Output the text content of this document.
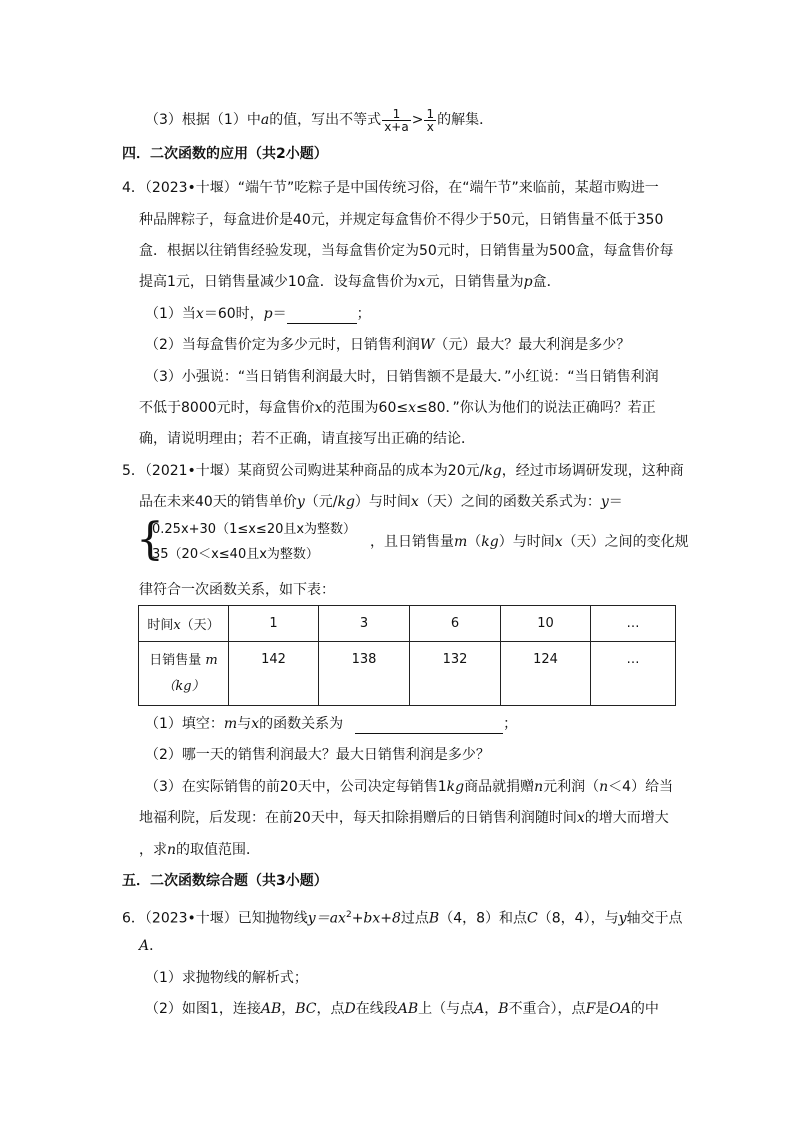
（3）根据（1）中a的值，写出不等式 $\frac{1}{x+a} > \frac{1}{x}$ 的解集．
四．二次函数的应用（共2小题）
4．（2023•十堰）“端午节”吃粽子是中国传统习俗，在“端午节”来临前，某超市购进一
种品牌粽子，每盒进价是40元，并规定每盒售价不得少于50元，日销售量不低于350
盒．根据以往销售经验发现，当每盒售价定为50元时，日销售量为500盒，每盒售价每
提高1元，日销售量减少10盒．设每盒售价为x元，日销售量为p盒．
（1）当x＝60时，p＝	；
（2）当每盒售价定为多少元时，日销售利润W（元）最大？最大利润是多少？
（3）小强说：“当日销售利润最大时，日销售额不是最大．”小红说：“当日销售利润
不低于8000元时，每盒售价x的范围为60≤x≤80．”你认为他们的说法正确吗？若正
确，请说明理由；若不正确，请直接写出正确的结论．
5．（2021•十堰）某商贸公司购进某种商品的成本为20元/kg，经过市场调研发现，这种商
品在未来40天的销售单价y（元/kg）与时间x（天）之间的函数关系式为：y＝
{
0.25x+30（1≤x≤20且x为整数）
35（20＜x≤40且x为整数）
，且日销售量m（kg）与时间x（天）之间的变化规
律符合一次函数关系，如下表：
时间x（天）	1	3	6	10	…
日销售量 m
（kg）	142	138	132	124	…
（1）填空：m与x的函数关系为	；
（2）哪一天的销售利润最大？最大日销售利润是多少？
（3）在实际销售的前20天中，公司决定每销售1kg商品就捐赠n元利润（n＜4）给当
地福利院，后发现：在前20天中，每天扣除捐赠后的日销售利润随时间x的增大而增大
，求n的取值范围．
五．二次函数综合题（共3小题）
6．（2023•十堰）已知抛物线$y=ax^2+bx+8$过点B（4，8）和点C（8，4），与y轴交于点
A．
（1）求抛物线的解析式；
（2）如图1，连接AB，BC，点D在线段AB上（与点A，B不重合），点F是OA的中
